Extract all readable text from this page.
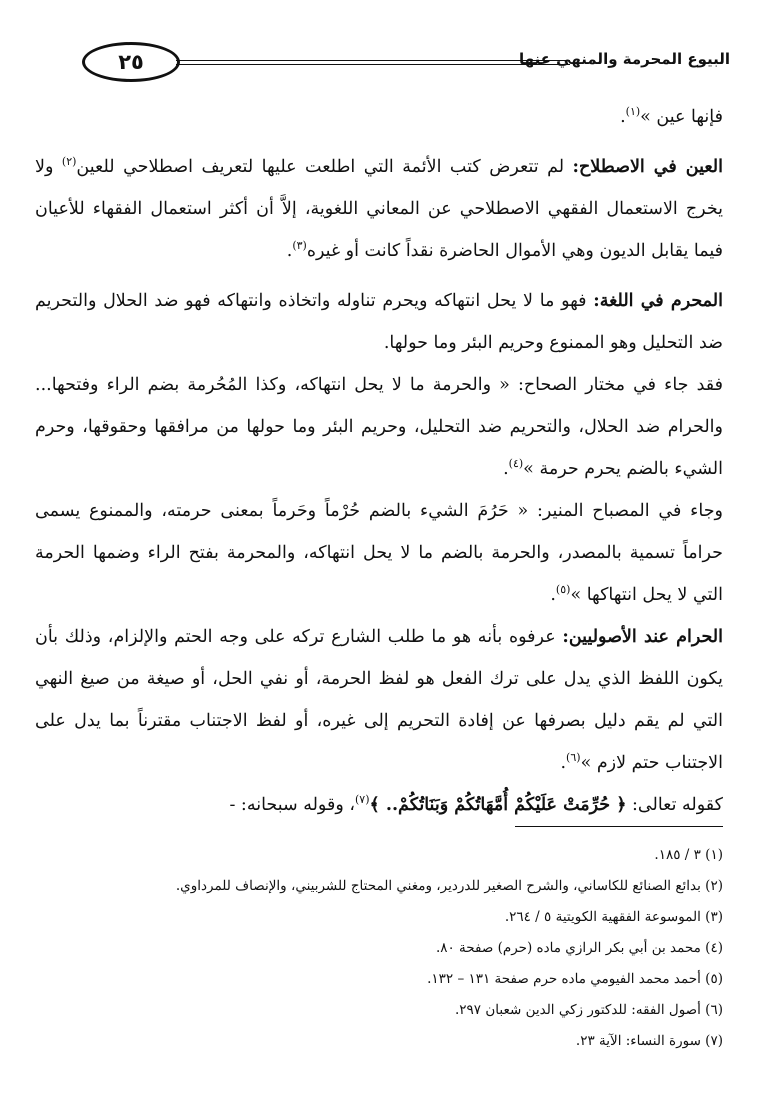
البيوع المحرمة والمنهي عنها
٢٥

فإنها عين »$^{(١)}$.

العين في الاصطلاح: لم تتعرض كتب الأئمة التي اطلعت عليها لتعريف اصطلاحي للعين$^{(٢)}$ ولا يخرج الاستعمال الفقهي الاصطلاحي عن المعاني اللغوية، إلاَّ أن أكثر استعمال الفقهاء للأعيان فيما يقابل الديون وهي الأموال الحاضرة نقداً كانت أو غيره$^{(٣)}$.

المحرم في اللغة: فهو ما لا يحل انتهاكه ويحرم تناوله واتخاذه وانتهاكه فهو ضد الحلال والتحريم ضد التحليل وهو الممنوع وحريم البئر وما حولها.

فقد جاء في مختار الصحاح: « والحرمة ما لا يحل انتهاكه، وكذا المُحُرمة بضم الراء وفتحها... والحرام ضد الحلال، والتحريم ضد التحليل، وحريم البئر وما حولها من مرافقها وحقوقها، وحرم الشيء بالضم يحرم حرمة »$^{(٤)}$.

وجاء في المصباح المنير: « حَرُمَ الشيء بالضم حُرْماً وحَرماً بمعنى حرمته، والممنوع يسمى حراماً تسمية بالمصدر، والحرمة بالضم ما لا يحل انتهاكه، والمحرمة بفتح الراء وضمها الحرمة التي لا يحل انتهاكها »$^{(٥)}$.

الحرام عند الأصوليين: عرفوه بأنه هو ما طلب الشارع تركه على وجه الحتم والإلزام، وذلك بأن يكون اللفظ الذي يدل على ترك الفعل هو لفظ الحرمة، أو نفي الحل، أو صيغة من صيغ النهي التي لم يقم دليل بصرفها عن إفادة التحريم إلى غيره، أو لفظ الاجتناب مقترناً بما يدل على الاجتناب حتم لازم »$^{(٦)}$.

كقوله تعالى: ﴿ حُرِّمَتْ عَلَيْكُمْ أُمَّهَاتُكُمْ وَبَنَاتُكُمْ.. ﴾$^{(٧)}$، وقوله سبحانه: -

(١) ٣ / ١٨٥.
(٢) بدائع الصنائع للكاساني، والشرح الصغير للدردير، ومغني المحتاج للشربيني، والإنصاف للمرداوي.
(٣) الموسوعة الفقهية الكويتية ٥ / ٢٦٤.
(٤) محمد بن أبي بكر الرازي ماده (حرم) صفحة ٨٠.
(٥) أحمد محمد الفيومي ماده حرم صفحة ١٣١ – ١٣٢.
(٦) أصول الفقه: للدكتور زكي الدين شعبان ٢٩٧.
(٧) سورة النساء: الآية ٢٣.
